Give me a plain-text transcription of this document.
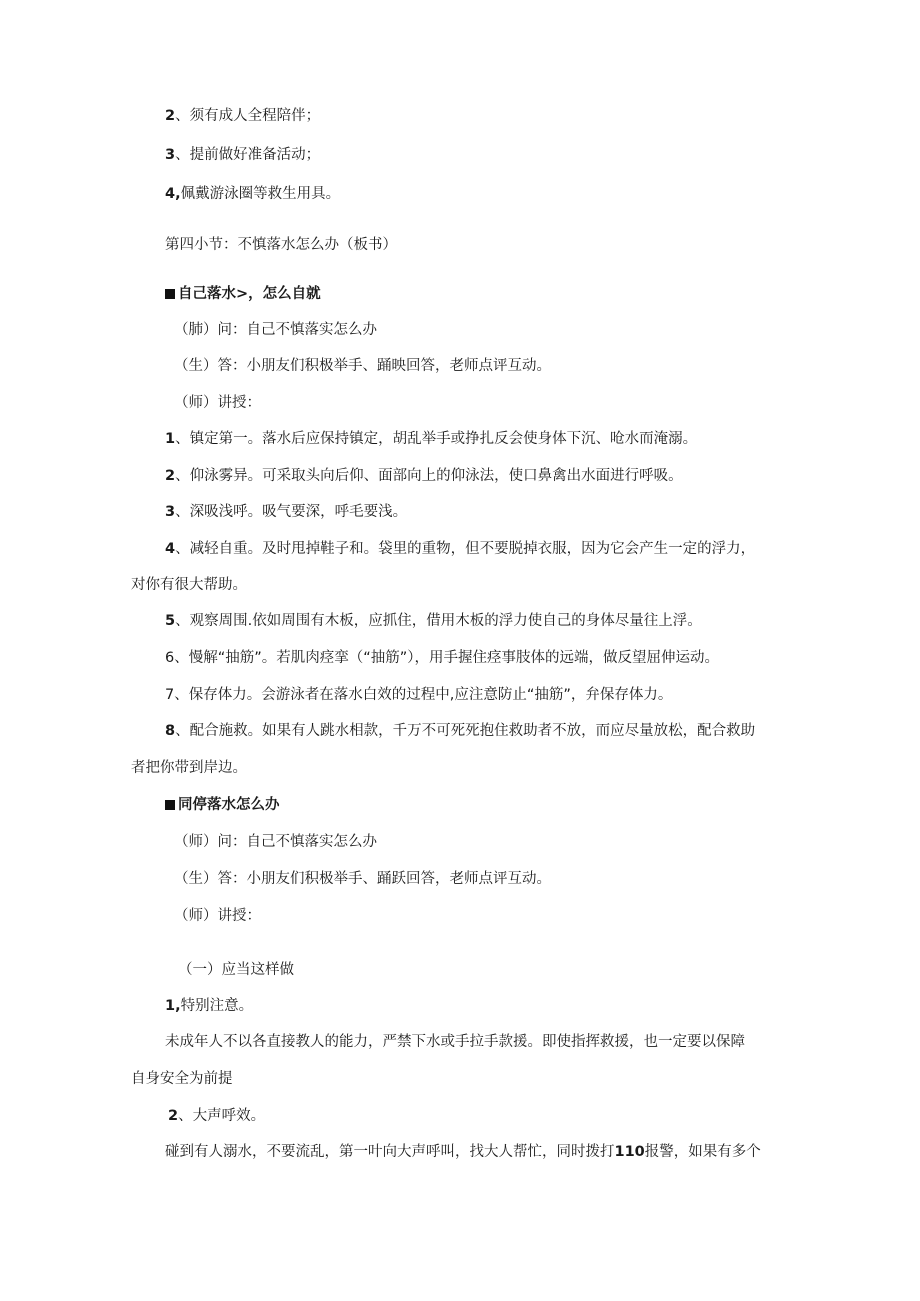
2、须有成人全程陪伴；

3、提前做好准备活动；

4,佩戴游泳圈等救生用具。

第四小节：不慎落水怎么办（板书）

自己落水>，怎么自就

（肺）问：自己不慎落实怎么办

（生）答：小朋友们积极举手、踊映回答，老师点评互动。

（师）讲授：

1、镇定第一。落水后应保持镇定，胡乱举手或挣扎反会使身体下沉、呛水而淹溺。

2、仰泳雾异。可采取头向后仰、面部向上的仰泳法，使口鼻禽出水面进行呼吸。

3、深吸浅呼。吸气要深，呼毛要浅。

4、减轻自重。及时甩掉鞋子和。袋里的重物，但不要脱掉衣服，因为它会产生一定的浮力，

对你有很大帮助。

5、观察周围.依如周围有木板，应抓住，借用木板的浮力使自己的身体尽量往上浮。

6、慢解“抽筋”。若肌肉痉挛（“抽筋”），用手握住痉事肢体的远端，做反望屈伸运动。

7、保存体力。会游泳者在落水白效的过程中,应注意防止“抽筋”，弁保存体力。

8、配合施救。如果有人跳水相款，千万不可死死抱住救助者不放，而应尽量放松，配合救助

者把你带到岸边。

同停落水怎么办

（师）问：自己不慎落实怎么办

（生）答：小朋友们积极举手、踊跃回答，老师点评互动。

（师）讲授：

（一）应当这样做

1,特别注意。

未成年人不以各直接教人的能力，严禁下水或手拉手款援。即使指挥救援，也一定要以保障

自身安全为前提

2、大声呼效。

碰到有人溺水，不要流乱，第一叶向大声呼叫，找大人帮忙，同时拨打110报警，如果有多个
